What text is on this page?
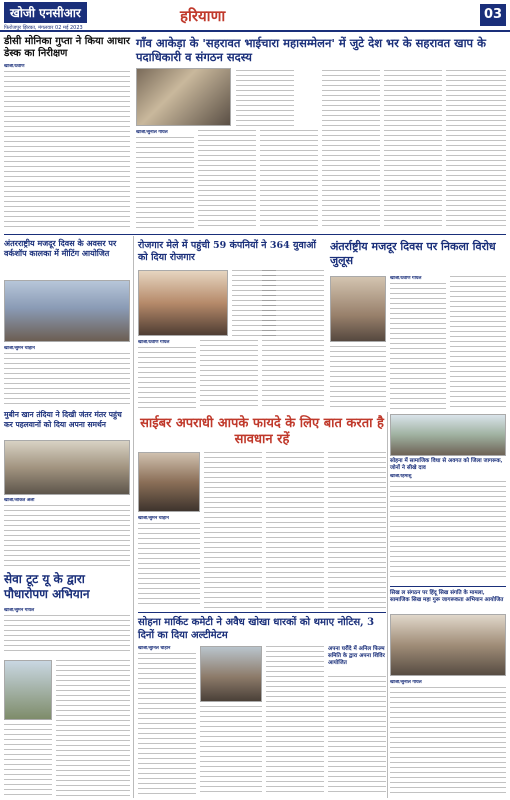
खोजी एनसीआर
फिरोजपुर झिरका, मंगलवार 02 मई 2023
हरियाणा	03
डीसी मोनिका गुप्ता ने किया आधार डेस्क का निरीक्षण
खोजी/प्रवीण
गाँव आकेड़ा के 'सहरावत भाईचारा महासम्मेलन' में जुटे देश भर के सहरावत खाप के पदाधिकारी व संगठन सदस्य
खोजी/सुनील गोयल
अंतरराष्ट्रीय मजदूर दिवस के अवसर पर वर्कशॉप कालका में मीटिंग आयोजित
खोजी/सुमन चौहान
मुबीन खान तंदिया ने दिखी जंतर मंतर पहुंच कर पहलवानों को दिया अपना समर्थन
खोजी/शौकत अली
सेवा टूट यू के द्वारा पौधारोपण अभियान
खोजी/सुमन गोयल
रोजगार मेले में पहुंची 59 कंपनियों ने 364 युवाओं को दिया रोजगार
खोजी/प्रवीण गोयल
अंतर्राष्ट्रीय मजदूर दिवस पर निकला विरोध जुलूस
खोजी/प्रवीण गोयल
सोहना में सामाजिक विधा से अवगत को जिला जागरूक, जोनों ने सीखे दाव
खोजी/हिमांशु
साईबर अपराधी आपके फायदे के लिए बात करता है सावधान रहें
खोजी/सुमन चौहान
सोहना मार्किट कमेटी ने अवैध खोखा धारकों को थमाए नोटिस, 3 दिनों का दिया अल्टीमेटम
खोजी/सुनिल चौहान	अपना घरौंदे में अनिल फिल्म समिति के द्वारा अपना शिविर आयोजित
सिख ल संगठन पर हिंदू सिख संगति के मामला, सामाजिक सिख महा गुरू जागरूकता अभियान आयोजित
खोजी/सुनील गोयल
